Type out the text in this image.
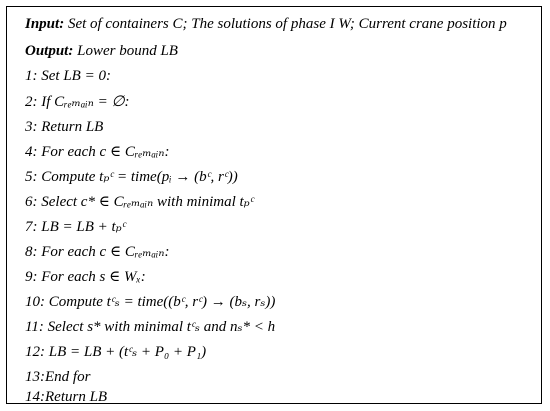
Input: Set of containers C; The solutions of phase I W; Current crane position p
Output: Lower bound LB
1: Set LB = 0:
2: If Cᵣₑₘₐᵢₙ = ∅:
3: Return LB
4: For each c ∈ Cᵣₑₘₐᵢₙ:
5: Compute tₚᶜ = time(pᵢ → (bᶜ, rᶜ))
6: Select c* ∈ Cᵣₑₘₐᵢₙ with minimal tₚᶜ
7: LB = LB + tₚᶜ
8: For each c ∈ Cᵣₑₘₐᵢₙ:
9: For each s ∈ Wₓ:
10: Compute tᶜₛ = time((bᶜ, rᶜ) → (bₛ, rₛ))
11: Select s* with minimal tᶜₛ and nₛ* < h
12: LB = LB + (tᶜₛ + P₀ + P₁)
13:End for
14:Return LB
